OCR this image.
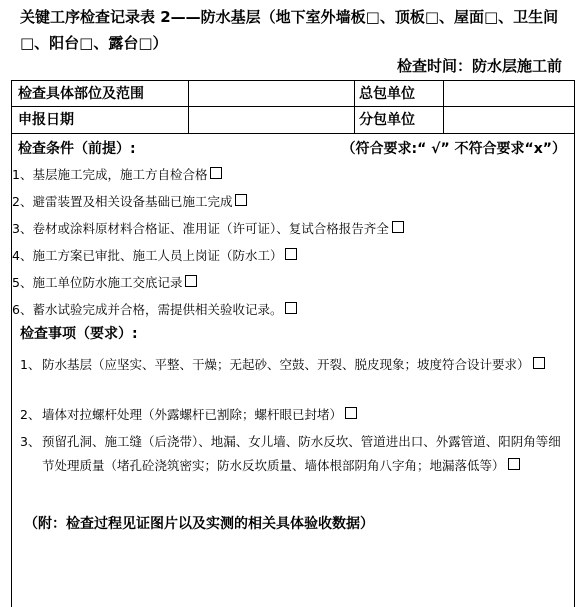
关键工序检查记录表 2——防水基层（地下室外墙板□、顶板□、屋面□、卫生间□、阳台□、露台□）
检查时间：防水层施工前
检查具体部位及范围	总包单位
申报日期	分包单位
检查条件（前提）:	（符合要求:“ √” 不符合要求“x”）
1、基层施工完成，施工方自检合格
2、避雷装置及相关设备基础已施工完成
3、卷材或涂料原材料合格证、准用证（许可证）、复试合格报告齐全
4、施工方案已审批、施工人员上岗证（防水工）
5、施工单位防水施工交底记录
6、蓄水试验完成并合格，需提供相关验收记录。
检查事项（要求）:
1、 防水基层（应坚实、平整、干燥；无起砂、空鼓、开裂、脱皮现象；坡度符合设计要求）
2、 墙体对拉螺杆处理（外露螺杆已割除；螺杆眼已封堵）
3、 预留孔洞、施工缝（后浇带）、地漏、女儿墙、防水反坎、管道进出口、外露管道、阳阴角等细节处理质量（堵孔砼浇筑密实；防水反坎质量、墙体根部阴角八字角；地漏落低等）
（附：检查过程见证图片以及实测的相关具体验收数据）
